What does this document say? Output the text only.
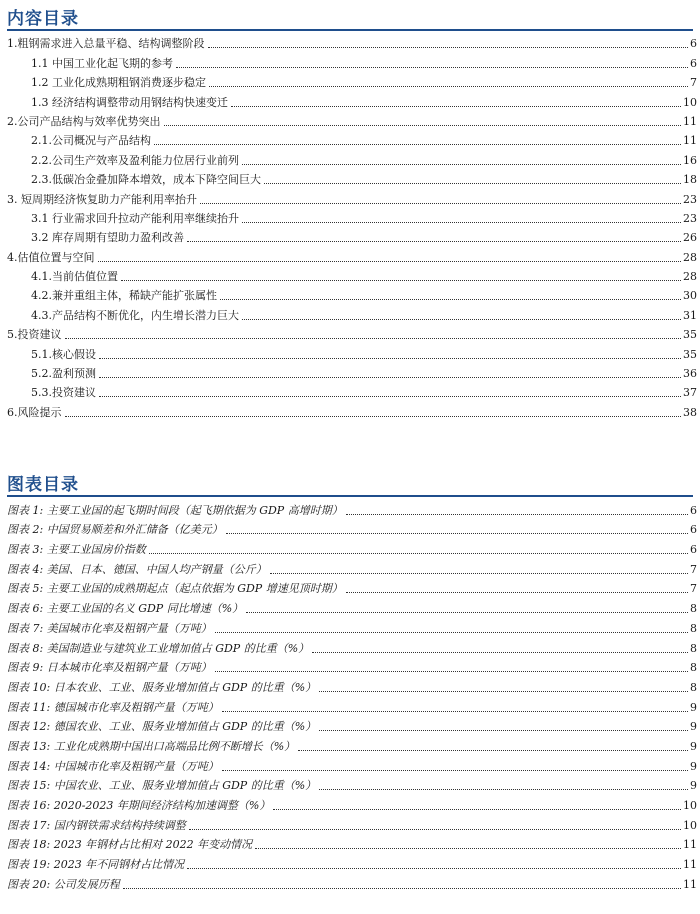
内容目录
1.粗钢需求进入总量平稳、结构调整阶段	6
1.1 中国工业化起飞期的参考	6
1.2 工业化成熟期粗钢消费逐步稳定	7
1.3 经济结构调整带动用钢结构快速变迁	10
2.公司产品结构与效率优势突出	11
2.1.公司概况与产品结构	11
2.2.公司生产效率及盈利能力位居行业前列	16
2.3.低碳冶金叠加降本增效，成本下降空间巨大	18
3. 短周期经济恢复助力产能利用率抬升	23
3.1 行业需求回升拉动产能利用率继续抬升	23
3.2 库存周期有望助力盈利改善	26
4.估值位置与空间	28
4.1.当前估值位置	28
4.2.兼并重组主体，稀缺产能扩张属性	30
4.3.产品结构不断优化，内生增长潜力巨大	31
5.投资建议	35
5.1.核心假设	35
5.2.盈利预测	36
5.3.投资建议	37
6.风险提示	38
图表目录
图表 1: 主要工业国的起飞期时间段（起飞期依据为 GDP 高增时期）	6
图表 2: 中国贸易顺差和外汇储备（亿美元）	6
图表 3: 主要工业国房价指数	6
图表 4: 美国、日本、德国、中国人均产钢量（公斤）	7
图表 5: 主要工业国的成熟期起点（起点依据为 GDP 增速见顶时期）	7
图表 6: 主要工业国的名义 GDP 同比增速（%）	8
图表 7: 美国城市化率及粗钢产量（万吨）	8
图表 8: 美国制造业与建筑业工业增加值占 GDP 的比重（%）	8
图表 9: 日本城市化率及粗钢产量（万吨）	8
图表 10: 日本农业、工业、服务业增加值占 GDP 的比重（%）	8
图表 11: 德国城市化率及粗钢产量（万吨）	9
图表 12: 德国农业、工业、服务业增加值占 GDP 的比重（%）	9
图表 13: 工业化成熟期中国出口高端品比例不断增长（%）	9
图表 14: 中国城市化率及粗钢产量（万吨）	9
图表 15: 中国农业、工业、服务业增加值占 GDP 的比重（%）	9
图表 16: 2020-2023 年期间经济结构加速调整（%）	10
图表 17: 国内钢铁需求结构持续调整	10
图表 18: 2023 年钢材占比相对 2022 年变动情况	11
图表 19: 2023 年不同钢材占比情况	11
图表 20: 公司发展历程	11
